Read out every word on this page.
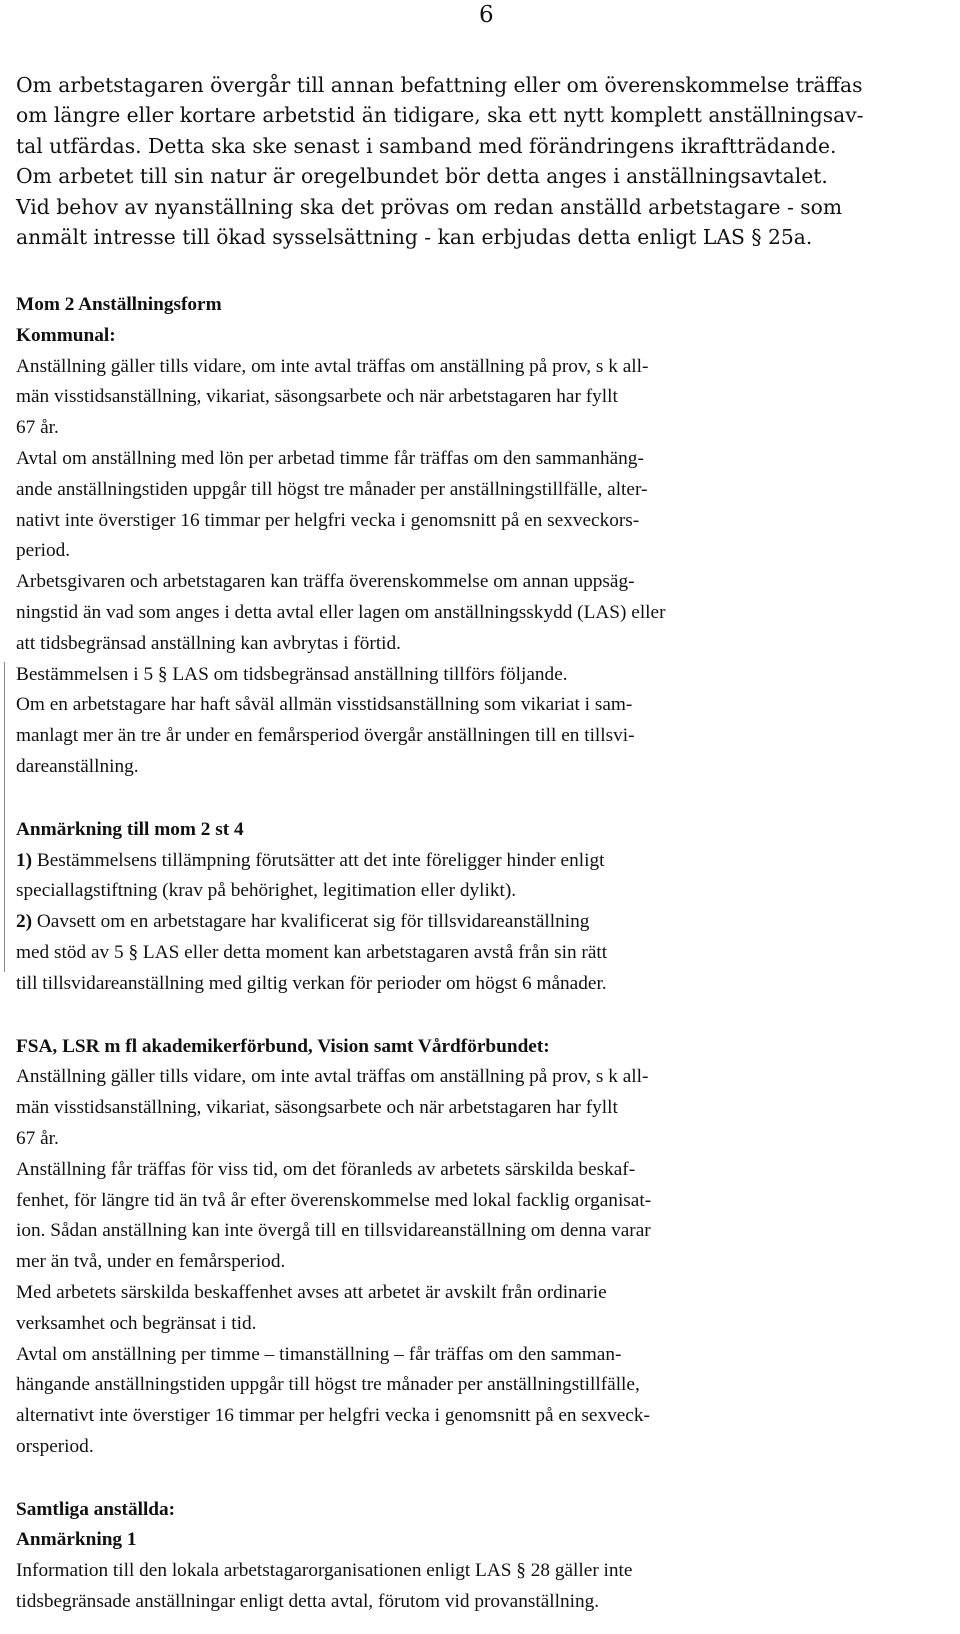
6
Om arbetstagaren övergår till annan befattning eller om överenskommelse träffas
om längre eller kortare arbetstid än tidigare, ska ett nytt komplett anställningsav-
tal utfärdas. Detta ska ske senast i samband med förändringens ikraftträdande.
Om arbetet till sin natur är oregelbundet bör detta anges i anställningsavtalet.
Vid behov av nyanställning ska det prövas om redan anställd arbetstagare - som
anmält intresse till ökad sysselsättning - kan erbjudas detta enligt LAS § 25a.
Mom 2 Anställningsform
Kommunal:
Anställning gäller tills vidare, om inte avtal träffas om anställning på prov, s k all-
män visstidsanställning, vikariat, säsongsarbete och när arbetstagaren har fyllt
67 år.
Avtal om anställning med lön per arbetad timme får träffas om den sammanhäng-
ande anställningstiden uppgår till högst tre månader per anställningstillfälle, alter-
nativt inte överstiger 16 timmar per helgfri vecka i genomsnitt på en sexveckors-
period.
Arbetsgivaren och arbetstagaren kan träffa överenskommelse om annan uppsäg-
ningstid än vad som anges i detta avtal eller lagen om anställningsskydd (LAS) eller
att tidsbegränsad anställning kan avbrytas i förtid.
Bestämmelsen i 5 § LAS om tidsbegränsad anställning tillförs följande.
Om en arbetstagare har haft såväl allmän visstidsanställning som vikariat i sam-
manlagt mer än tre år under en femårsperiod övergår anställningen till en tillsvi-
dareanställning.
Anmärkning till mom 2 st 4
1) Bestämmelsens tillämpning förutsätter att det inte föreligger hinder enligt
speciallagstiftning (krav på behörighet, legitimation eller dylikt).
2) Oavsett om en arbetstagare har kvalificerat sig för tillsvidareanställning
med stöd av 5 § LAS eller detta moment kan arbetstagaren avstå från sin rätt
till tillsvidareanställning med giltig verkan för perioder om högst 6 månader.
FSA, LSR m fl akademikerförbund, Vision samt Vårdförbundet:
Anställning gäller tills vidare, om inte avtal träffas om anställning på prov, s k all-
män visstidsanställning, vikariat, säsongsarbete och när arbetstagaren har fyllt
67 år.
Anställning får träffas för viss tid, om det föranleds av arbetets särskilda beskaf-
fenhet, för längre tid än två år efter överenskommelse med lokal facklig organisat-
ion. Sådan anställning kan inte övergå till en tillsvidareanställning om denna varar
mer än två, under en femårsperiod.
Med arbetets särskilda beskaffenhet avses att arbetet är avskilt från ordinarie
verksamhet och begränsat i tid.
Avtal om anställning per timme – timanställning – får träffas om den samman-
hängande anställningstiden uppgår till högst tre månader per anställningstillfälle,
alternativt inte överstiger 16 timmar per helgfri vecka i genomsnitt på en sexveck-
orsperiod.
Samtliga anställda:
Anmärkning 1
Information till den lokala arbetstagarorganisationen enligt LAS § 28 gäller inte
tidsbegränsade anställningar enligt detta avtal, förutom vid provanställning.
